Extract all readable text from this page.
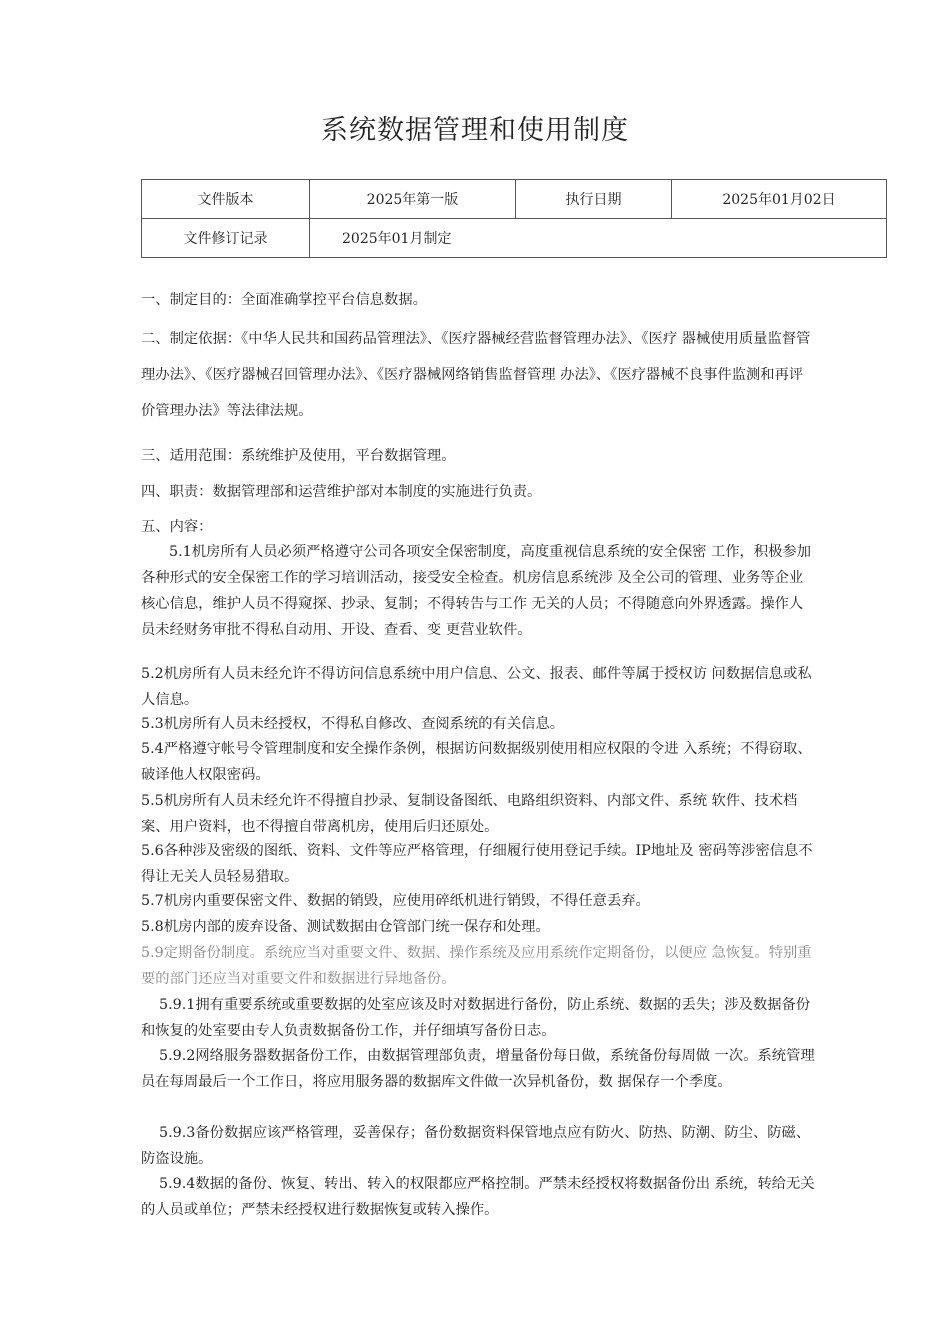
系统数据管理和使用制度
文件版本	2025年第一版	执行日期	2025年01月02日
文件修订记录	2025年01月制定		

一、制定目的：全面准确掌控平台信息数据。

二、制定依据：《中华人民共和国药品管理法》、《医疗器械经营监督管理办法》、《医疗 器械使用质量监督管理办法》、《医疗器械召回管理办法》、《医疗器械网络销售监督管理 办法》、《医疗器械不良事件监测和再评价管理办法》等法律法规。

三、适用范围：系统维护及使用，平台数据管理。

四、职责：数据管理部和运营维护部对本制度的实施进行负责。

五、内容：

5.1机房所有人员必须严格遵守公司各项安全保密制度，高度重视信息系统的安全保密 工作，积极参加各种形式的安全保密工作的学习培训活动，接受安全检查。机房信息系统涉 及全公司的管理、业务等企业核心信息，维护人员不得窥探、抄录、复制；不得转告与工作 无关的人员；不得随意向外界透露。操作人员未经财务审批不得私自动用、开设、查看、变 更营业软件。

5.2机房所有人员未经允许不得访问信息系统中用户信息、公文、报表、邮件等属于授权访 问数据信息或私人信息。

5.3机房所有人员未经授权，不得私自修改、查阅系统的有关信息。

5.4严格遵守帐号令管理制度和安全操作条例，根据访问数据级别使用相应权限的令进 入系统；不得窃取、破译他人权限密码。

5.5机房所有人员未经允许不得擅自抄录、复制设备图纸、电路组织资料、内部文件、系统 软件、技术档案、用户资料，也不得擅自带离机房，使用后归还原处。

5.6各种涉及密级的图纸、资料、文件等应严格管理，仔细履行使用登记手续。IP地址及 密码等涉密信息不得让无关人员轻易猎取。

5.7机房内重要保密文件、数据的销毁，应使用碎纸机进行销毁，不得任意丢弃。

5.8机房内部的废弃设备、测试数据由仓管部门统一保存和处理。

5.9定期备份制度。系统应当对重要文件、数据、操作系统及应用系统作定期备份，以便应 急恢复。特别重要的部门还应当对重要文件和数据进行异地备份。

5.9.1拥有重要系统或重要数据的处室应该及时对数据进行备份，防止系统、数据的丢失；涉及数据备份和恢复的处室要由专人负责数据备份工作，并仔细填写备份日志。

5.9.2网络服务器数据备份工作，由数据管理部负责，增量备份每日做，系统备份每周做 一次。系统管理员在每周最后一个工作日，将应用服务器的数据库文件做一次异机备份，数 据保存一个季度。

5.9.3备份数据应该严格管理，妥善保存；备份数据资料保管地点应有防火、防热、防潮、防尘、防磁、防盗设施。

5.9.4数据的备份、恢复、转出、转入的权限都应严格控制。严禁未经授权将数据备份出 系统，转给无关的人员或单位；严禁未经授权进行数据恢复或转入操作。
